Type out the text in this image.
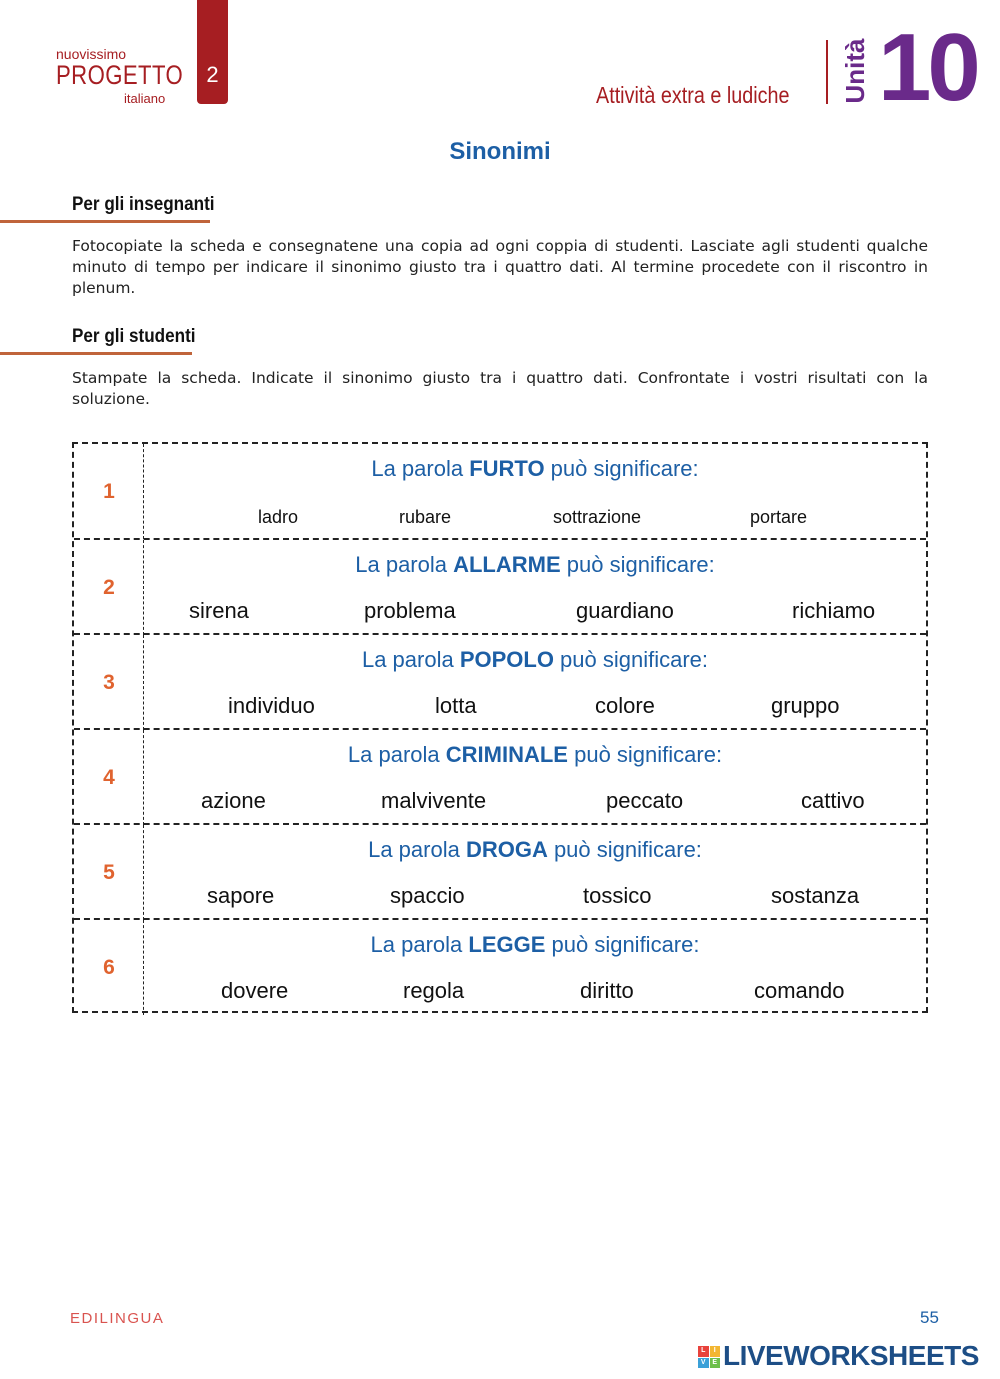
nuovissimo
PROGETTO
italiano
2
Attività extra e ludiche Unità 10
Sinonimi
Per gli insegnanti
Fotocopiate la scheda e consegnatene una copia ad ogni coppia di studenti. Lasciate agli studenti qualche minuto di tempo per indicare il sinonimo giusto tra i quattro dati. Al termine procedete con il riscontro in plenum.
Per gli studenti
Stampate la scheda. Indicate il sinonimo giusto tra i quattro dati. Confrontate i vostri risultati con la soluzione.
1
La parola FURTO può significare:
ladro	rubare	sottrazione	portare
2
La parola ALLARME può significare:
sirena	problema	guardiano	richiamo
3
La parola POPOLO può significare:
individuo	lotta	colore	gruppo
4
La parola CRIMINALE può significare:
azione	malvivente	peccato	cattivo
5
La parola DROGA può significare:
sapore	spaccio	tossico	sostanza
6
La parola LEGGE può significare:
dovere	regola	diritto	comando
EDILINGUA	55
L	I
V E LIVEWORKSHEETS
